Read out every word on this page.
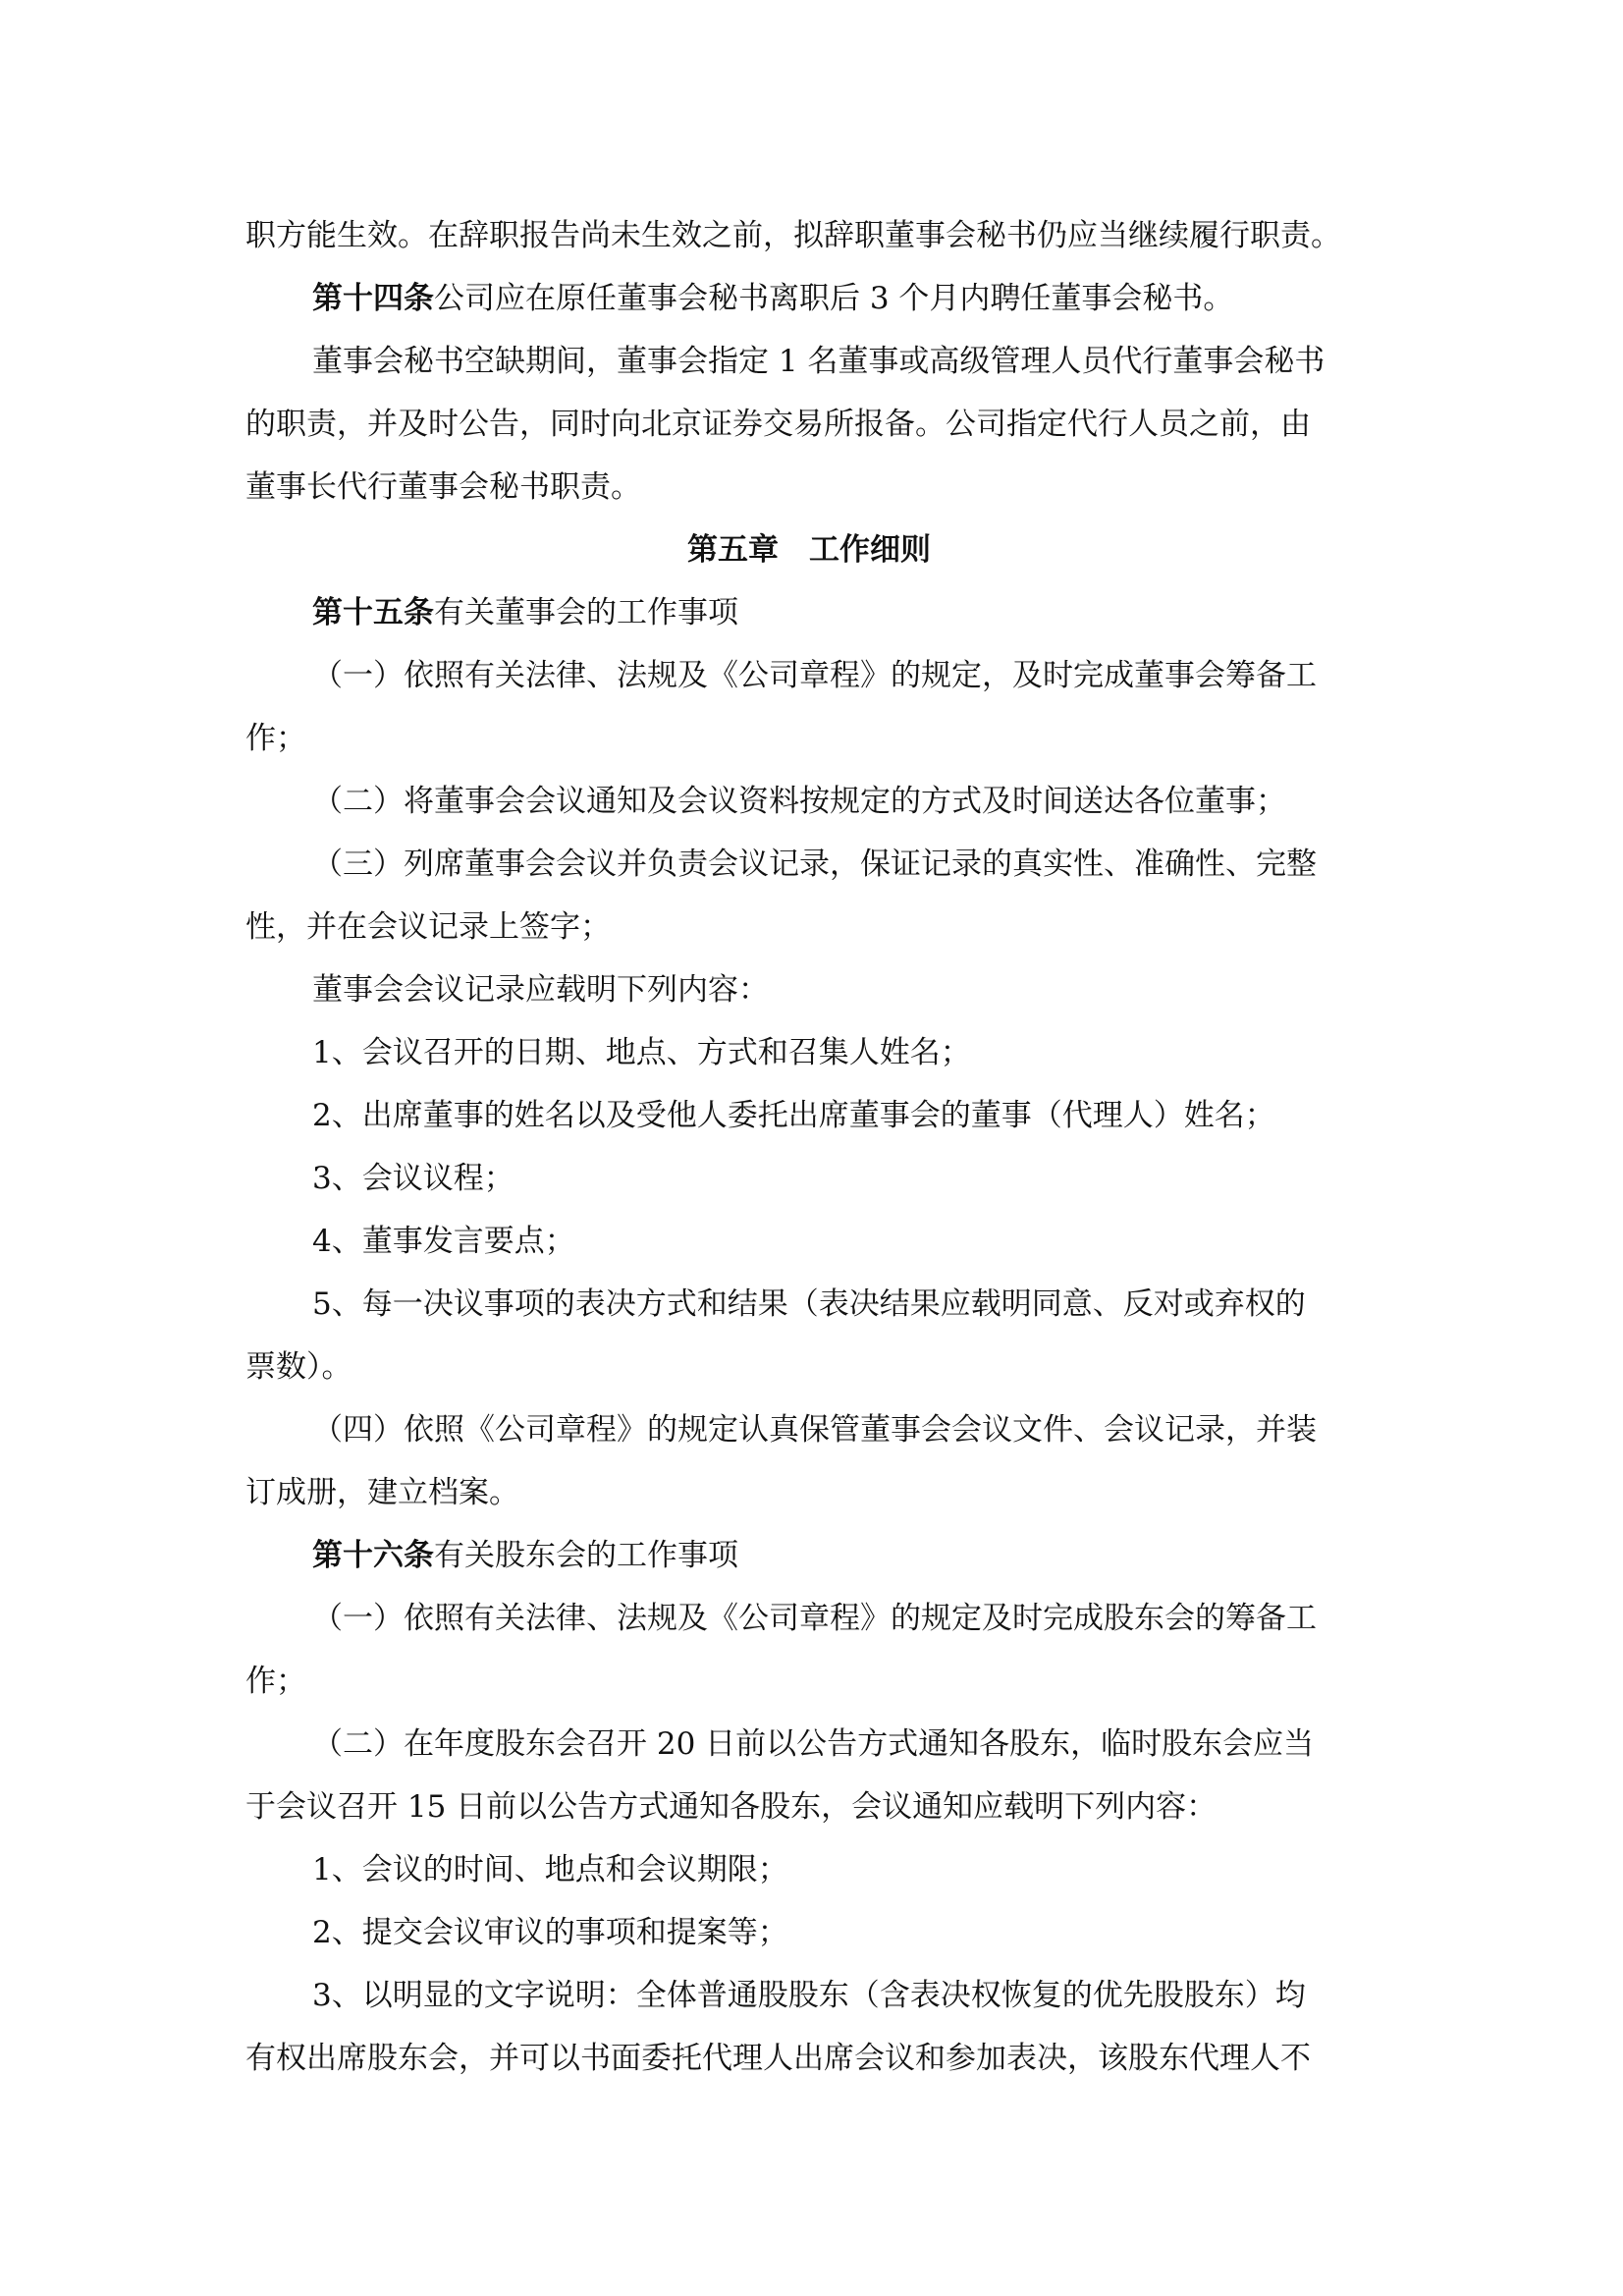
职方能生效。在辞职报告尚未生效之前，拟辞职董事会秘书仍应当继续履行职责。
第十四条公司应在原任董事会秘书离职后 3 个月内聘任董事会秘书。
董事会秘书空缺期间，董事会指定 1 名董事或高级管理人员代行董事会秘书
的职责，并及时公告，同时向北京证券交易所报备。公司指定代行人员之前，由
董事长代行董事会秘书职责。
第五章　工作细则
第十五条有关董事会的工作事项
（一）依照有关法律、法规及《公司章程》的规定，及时完成董事会筹备工
作；
（二）将董事会会议通知及会议资料按规定的方式及时间送达各位董事；
（三）列席董事会会议并负责会议记录，保证记录的真实性、准确性、完整
性，并在会议记录上签字；
董事会会议记录应载明下列内容：
1、会议召开的日期、地点、方式和召集人姓名；
2、出席董事的姓名以及受他人委托出席董事会的董事（代理人）姓名；
3、会议议程；
4、董事发言要点；
5、每一决议事项的表决方式和结果（表决结果应载明同意、反对或弃权的
票数）。
（四）依照《公司章程》的规定认真保管董事会会议文件、会议记录，并装
订成册，建立档案。
第十六条有关股东会的工作事项
（一）依照有关法律、法规及《公司章程》的规定及时完成股东会的筹备工
作；
（二）在年度股东会召开 20 日前以公告方式通知各股东，临时股东会应当
于会议召开 15 日前以公告方式通知各股东，会议通知应载明下列内容：
1、会议的时间、地点和会议期限；
2、提交会议审议的事项和提案等；
3、以明显的文字说明：全体普通股股东（含表决权恢复的优先股股东）均
有权出席股东会，并可以书面委托代理人出席会议和参加表决，该股东代理人不
